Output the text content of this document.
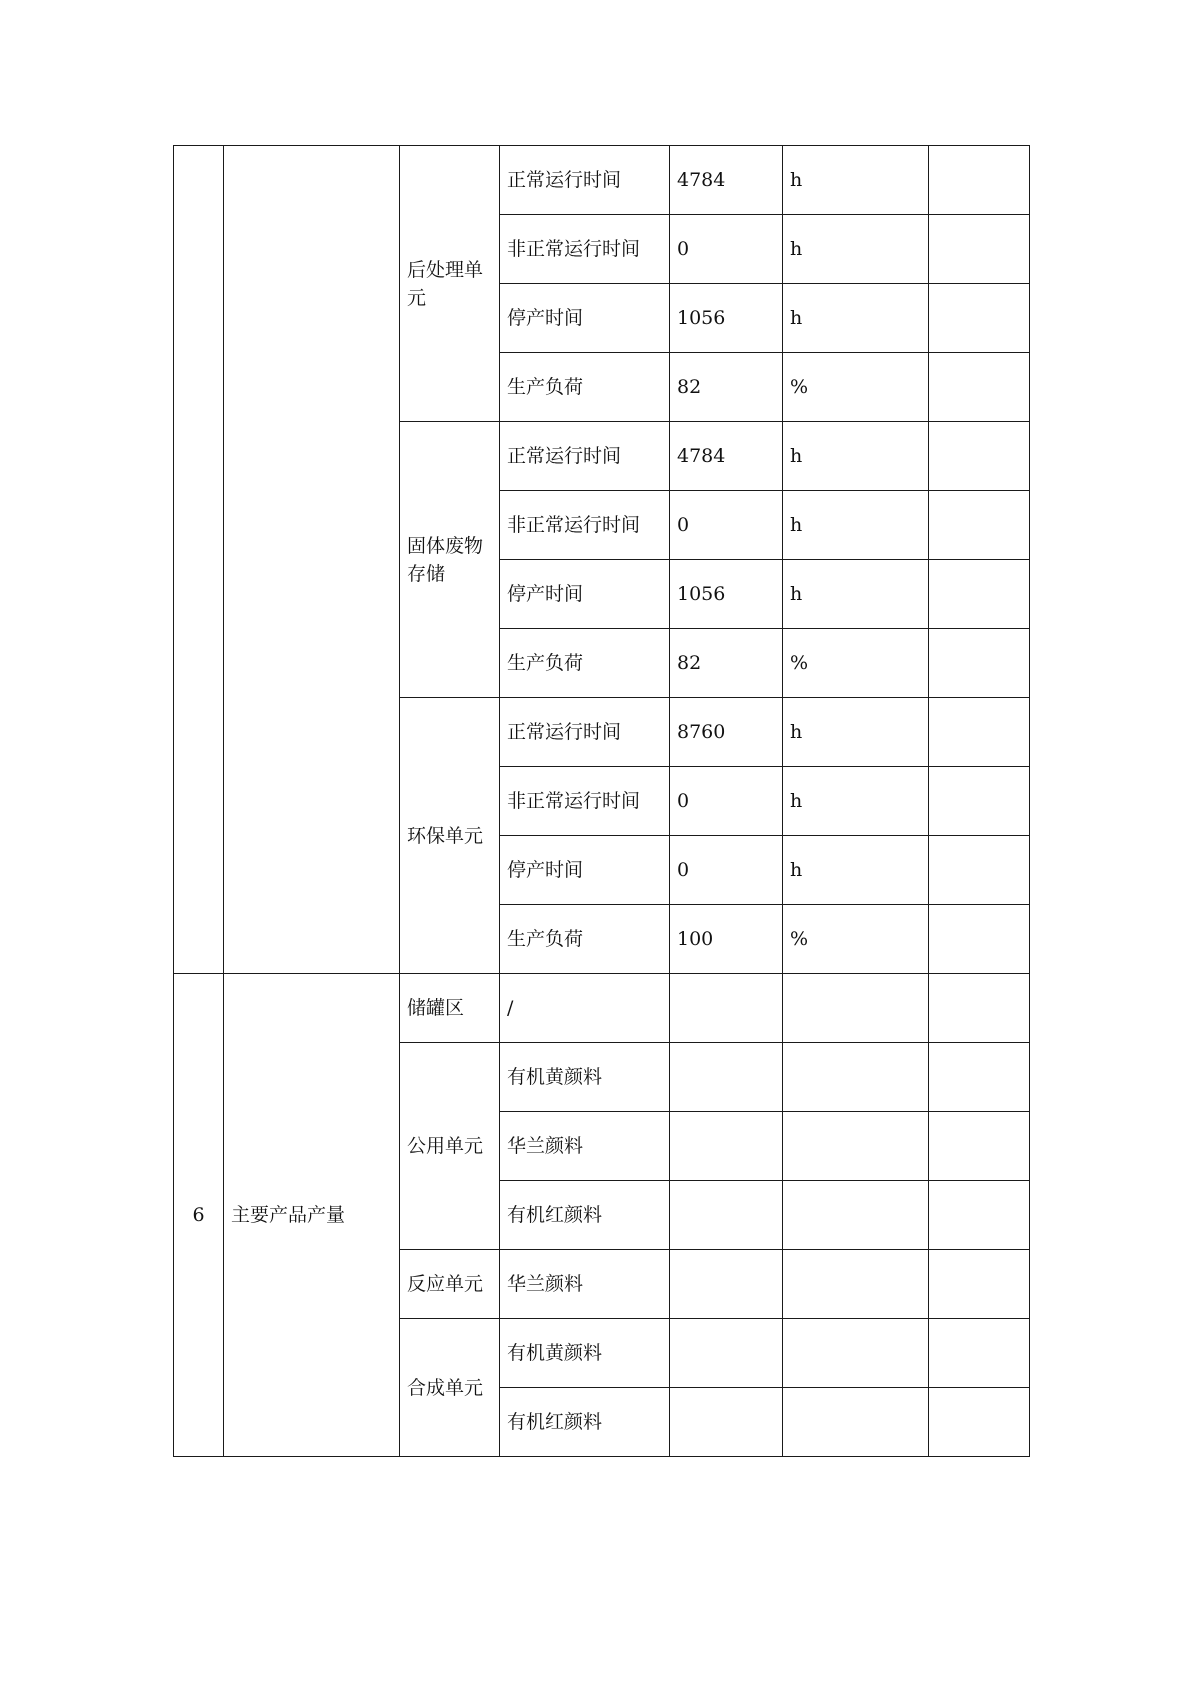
		后处理单元	正常运行时间	4784	h	
			非正常运行时间	0	h	
			停产时间	1056	h	
			生产负荷	82	%	

		固体废物存储	正常运行时间	4784	h	
			非正常运行时间	0	h	
			停产时间	1056	h	
			生产负荷	82	%	

		环保单元	正常运行时间	8760	h	
			非正常运行时间	0	h	
			停产时间	0	h	
			生产负荷	100	%	
6	主要产品产量	储罐区	/			

		公用单元	有机黄颜料			
			华兰颜料			
			有机红颜料			

		反应单元	华兰颜料			

		合成单元	有机黄颜料			
			有机红颜料			
